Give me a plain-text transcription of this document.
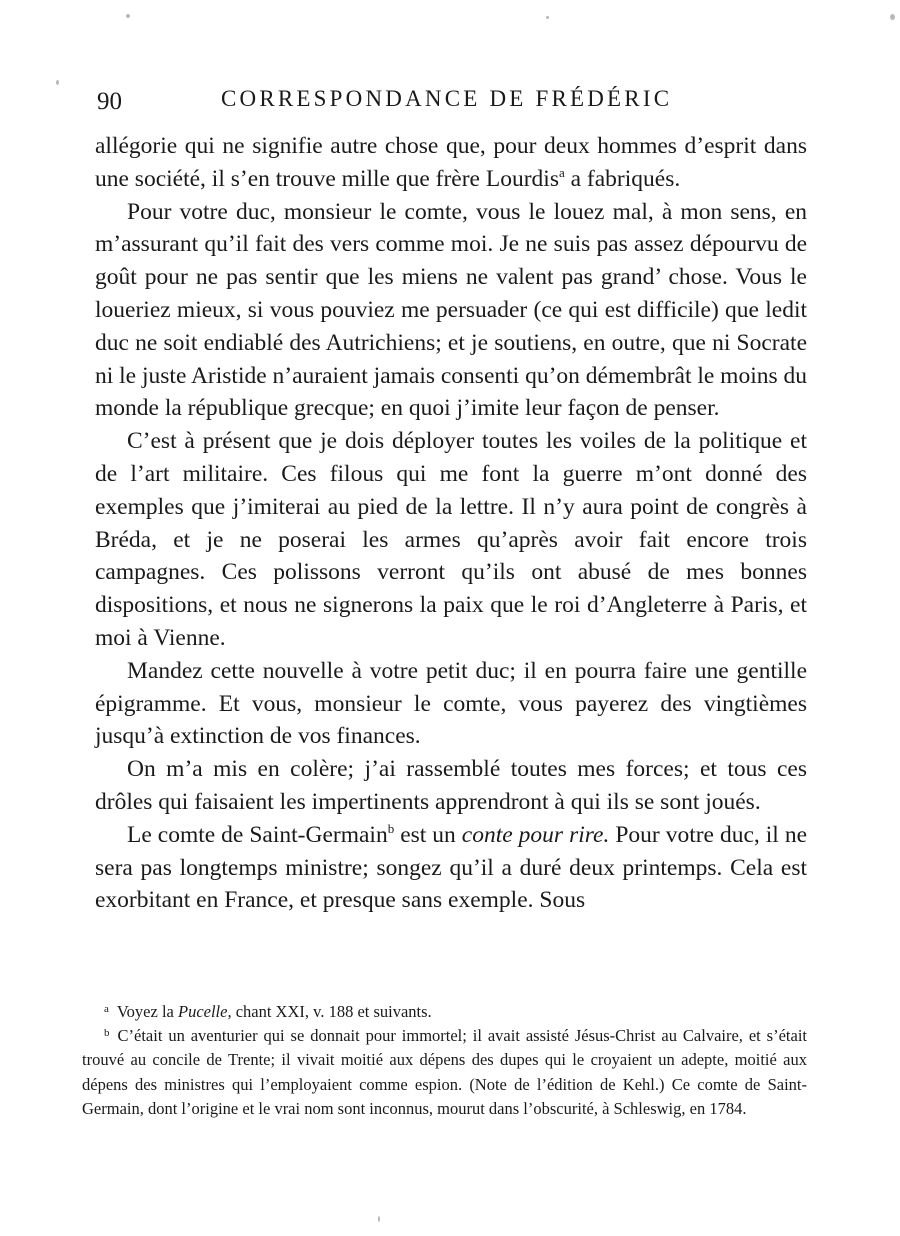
90	CORRESPONDANCE DE FRÉDÉRIC

allégorie qui ne signifie autre chose que, pour deux hommes d’esprit dans une société, il s’en trouve mille que frère Lourdis$^a$ a fabriqués.

Pour votre duc, monsieur le comte, vous le louez mal, à mon sens, en m’assurant qu’il fait des vers comme moi. Je ne suis pas assez dépourvu de goût pour ne pas sentir que les miens ne valent pas grand’ chose. Vous le loueriez mieux, si vous pouviez me persuader (ce qui est difficile) que ledit duc ne soit endiablé des Autrichiens; et je soutiens, en outre, que ni Socrate ni le juste Aristide n’auraient jamais consenti qu’on démembrât le moins du monde la république grecque; en quoi j’imite leur façon de penser.

C’est à présent que je dois déployer toutes les voiles de la politique et de l’art militaire. Ces filous qui me font la guerre m’ont donné des exemples que j’imiterai au pied de la lettre. Il n’y aura point de congrès à Bréda, et je ne poserai les armes qu’après avoir fait encore trois campagnes. Ces polissons verront qu’ils ont abusé de mes bonnes dispositions, et nous ne signerons la paix que le roi d’Angleterre à Paris, et moi à Vienne.

Mandez cette nouvelle à votre petit duc; il en pourra faire une gentille épigramme. Et vous, monsieur le comte, vous payerez des vingtièmes jusqu’à extinction de vos finances.

On m’a mis en colère; j’ai rassemblé toutes mes forces; et tous ces drôles qui faisaient les impertinents apprendront à qui ils se sont joués.

Le comte de Saint-Germain$^b$ est un conte pour rire. Pour votre duc, il ne sera pas longtemps ministre; songez qu’il a duré deux printemps. Cela est exorbitant en France, et presque sans exemple. Sous

$^a$ Voyez la Pucelle, chant XXI, v. 188 et suivants.

$^b$ C’était un aventurier qui se donnait pour immortel; il avait assisté Jésus-Christ au Calvaire, et s’était trouvé au concile de Trente; il vivait moitié aux dépens des dupes qui le croyaient un adepte, moitié aux dépens des ministres qui l’employaient comme espion. (Note de l’édition de Kehl.) Ce comte de Saint-Germain, dont l’origine et le vrai nom sont inconnus, mourut dans l’obscurité, à Schleswig, en 1784.
